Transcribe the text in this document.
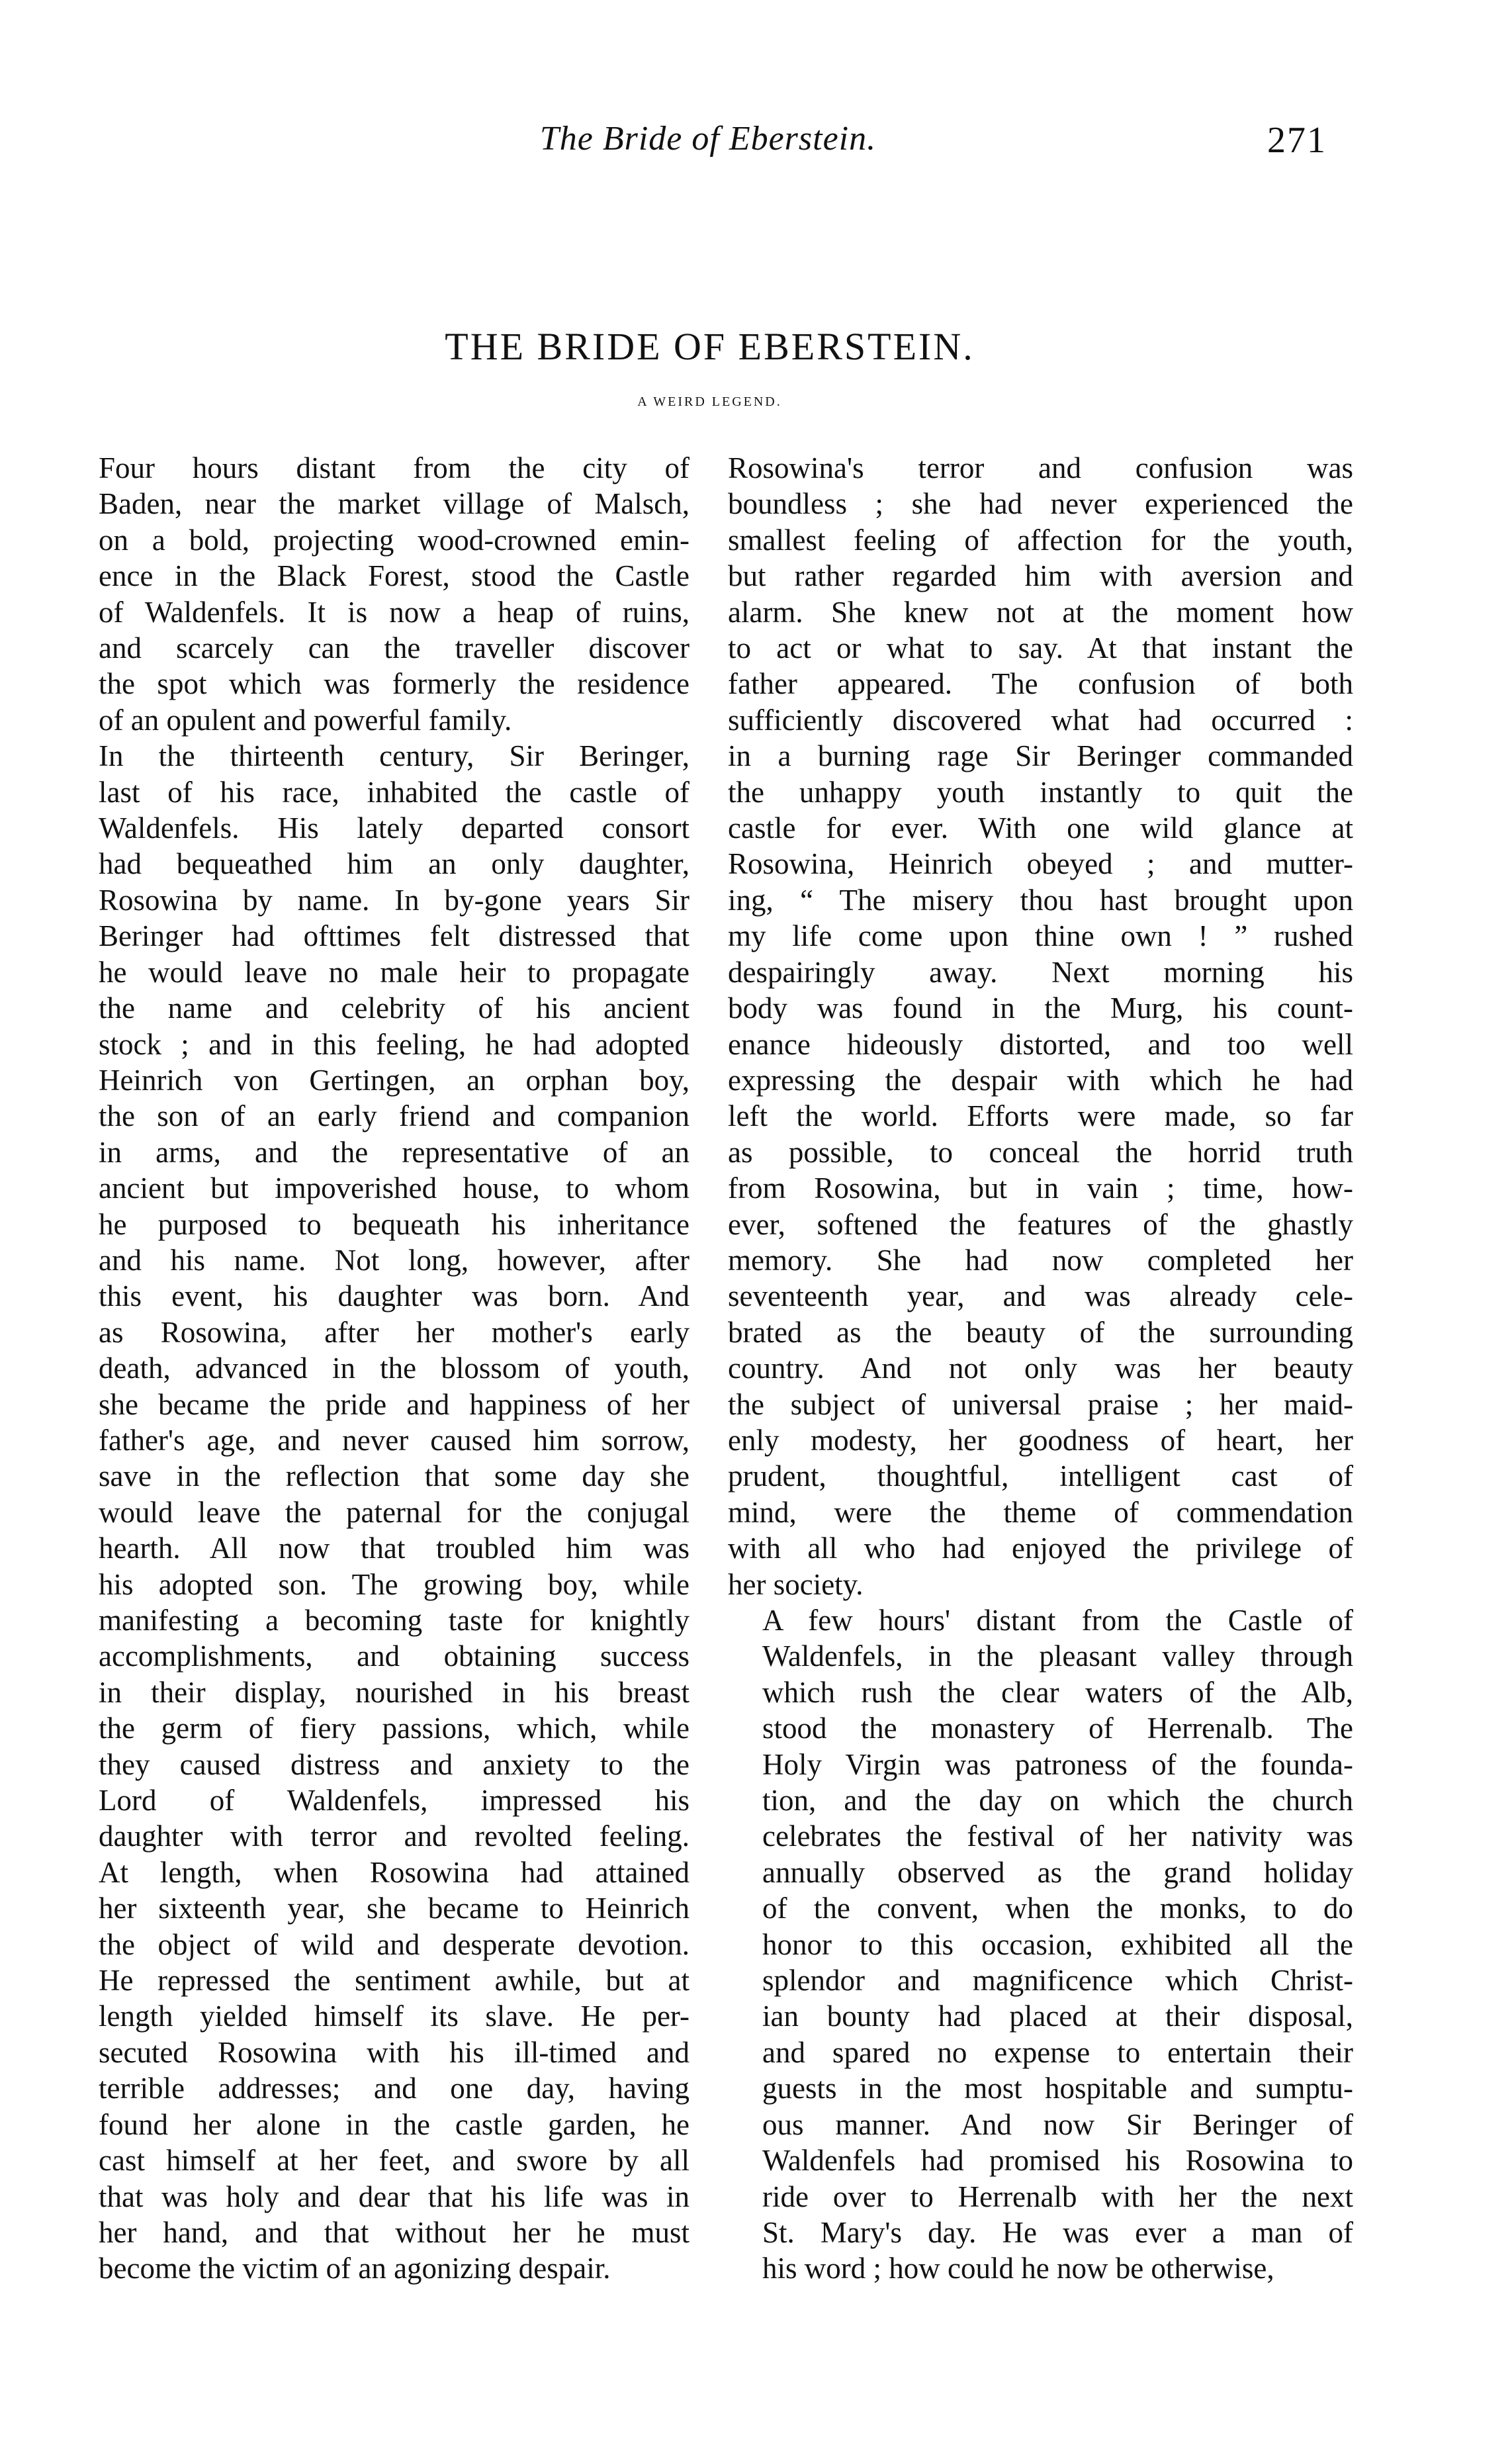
The Bride of Eberstein.	271
THE BRIDE OF EBERSTEIN.
A WEIRD LEGEND.

Four hours distant from the city of
Baden, near the market village of Malsch,
on a bold, projecting wood-crowned emin-
ence in the Black Forest, stood the Castle
of Waldenfels. It is now a heap of ruins,
and scarcely can the traveller discover
the spot which was formerly the residence
of an opulent and powerful family.

In the thirteenth century, Sir Beringer,
last of his race, inhabited the castle of
Waldenfels. His lately departed consort
had bequeathed him an only daughter,
Rosowina by name. In by-gone years Sir
Beringer had ofttimes felt distressed that
he would leave no male heir to propagate
the name and celebrity of his ancient
stock ; and in this feeling, he had adopted
Heinrich von Gertingen, an orphan boy,
the son of an early friend and companion
in arms, and the representative of an
ancient but impoverished house, to whom
he purposed to bequeath his inheritance
and his name. Not long, however, after
this event, his daughter was born. And
as Rosowina, after her mother's early
death, advanced in the blossom of youth,
she became the pride and happiness of her
father's age, and never caused him sorrow,
save in the reflection that some day she
would leave the paternal for the conjugal
hearth. All now that troubled him was
his adopted son. The growing boy, while
manifesting a becoming taste for knightly
accomplishments, and obtaining success
in their display, nourished in his breast
the germ of fiery passions, which, while
they caused distress and anxiety to the
Lord of Waldenfels, impressed his
daughter with terror and revolted feeling.
At length, when Rosowina had attained
her sixteenth year, she became to Heinrich
the object of wild and desperate devotion.
He repressed the sentiment awhile, but at
length yielded himself its slave. He per-
secuted Rosowina with his ill-timed and
terrible addresses; and one day, having
found her alone in the castle garden, he
cast himself at her feet, and swore by all
that was holy and dear that his life was in
her hand, and that without her he must
become the victim of an agonizing despair.

Rosowina's terror and confusion was
boundless ; she had never experienced the
smallest feeling of affection for the youth,
but rather regarded him with aversion and
alarm. She knew not at the moment how
to act or what to say. At that instant the
father appeared. The confusion of both
sufficiently discovered what had occurred :
in a burning rage Sir Beringer commanded
the unhappy youth instantly to quit the
castle for ever. With one wild glance at
Rosowina, Heinrich obeyed ; and mutter-
ing, “ The misery thou hast brought upon
my life come upon thine own ! ” rushed
despairingly away. Next morning his
body was found in the Murg, his count-
enance hideously distorted, and too well
expressing the despair with which he had
left the world. Efforts were made, so far
as possible, to conceal the horrid truth
from Rosowina, but in vain ; time, how-
ever, softened the features of the ghastly
memory. She had now completed her
seventeenth year, and was already cele-
brated as the beauty of the surrounding
country. And not only was her beauty
the subject of universal praise ; her maid-
enly modesty, her goodness of heart, her
prudent, thoughtful, intelligent cast of
mind, were the theme of commendation
with all who had enjoyed the privilege of
her society.

A few hours' distant from the Castle of
Waldenfels, in the pleasant valley through
which rush the clear waters of the Alb,
stood the monastery of Herrenalb. The
Holy Virgin was patroness of the founda-
tion, and the day on which the church
celebrates the festival of her nativity was
annually observed as the grand holiday
of the convent, when the monks, to do
honor to this occasion, exhibited all the
splendor and magnificence which Christ-
ian bounty had placed at their disposal,
and spared no expense to entertain their
guests in the most hospitable and sumptu-
ous manner. And now Sir Beringer of
Waldenfels had promised his Rosowina to
ride over to Herrenalb with her the next
St. Mary's day. He was ever a man of
his word ; how could he now be otherwise,
